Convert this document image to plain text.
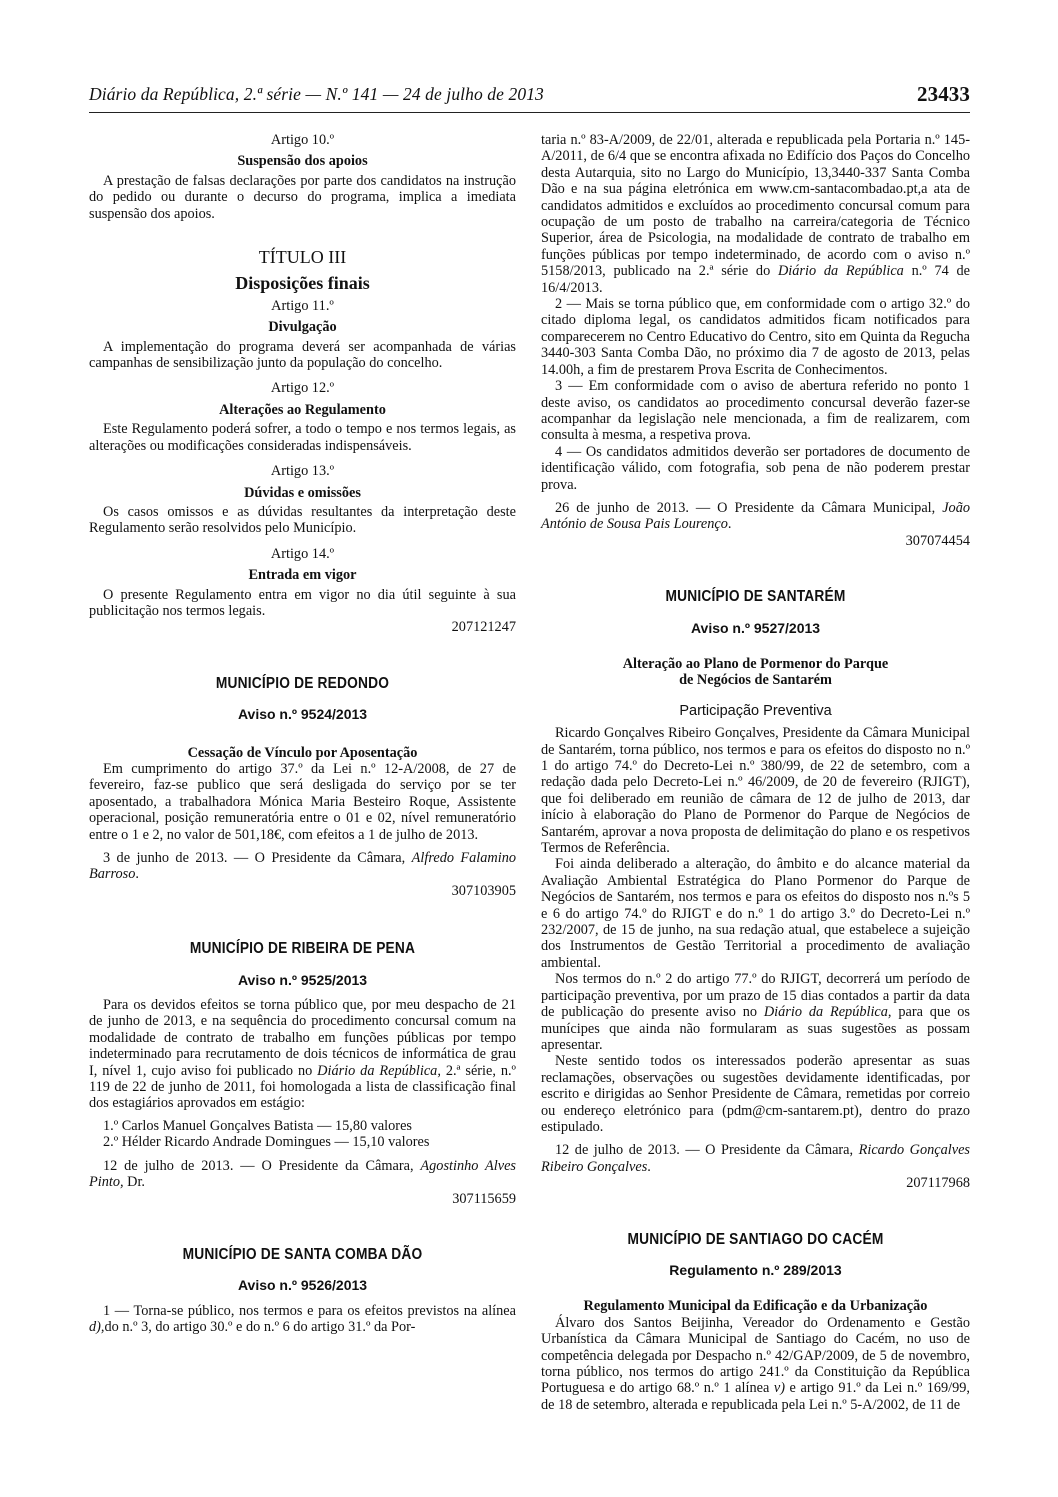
Diário da República, 2.ª série — N.º 141 — 24 de julho de 2013	23433
Artigo 10.º
Suspensão dos apoios

A prestação de falsas declarações por parte dos candidatos na instrução do pedido ou durante o decurso do programa, implica a imediata suspensão dos apoios.

TÍTULO III
Disposições finais
Artigo 11.º
Divulgação

A implementação do programa deverá ser acompanhada de várias campanhas de sensibilização junto da população do concelho.

Artigo 12.º
Alterações ao Regulamento

Este Regulamento poderá sofrer, a todo o tempo e nos termos legais, as alterações ou modificações consideradas indispensáveis.

Artigo 13.º
Dúvidas e omissões

Os casos omissos e as dúvidas resultantes da interpretação deste Regulamento serão resolvidos pelo Município.

Artigo 14.º
Entrada em vigor

O presente Regulamento entra em vigor no dia útil seguinte à sua publicitação nos termos legais.

207121247
MUNICÍPIO DE REDONDO
Aviso n.º 9524/2013
Cessação de Vínculo por Aposentação

Em cumprimento do artigo 37.º da Lei n.º 12-A/2008, de 27 de fevereiro, faz-se publico que será desligada do serviço por se ter aposentado, a trabalhadora Mónica Maria Besteiro Roque, Assistente operacional, posição remuneratória entre o 01 e 02, nível remuneratório entre o 1 e 2, no valor de 501,18€, com efeitos a 1 de julho de 2013.

3 de junho de 2013. — O Presidente da Câmara, Alfredo Falamino Barroso.

307103905
MUNICÍPIO DE RIBEIRA DE PENA
Aviso n.º 9525/2013

Para os devidos efeitos se torna público que, por meu despacho de 21 de junho de 2013, e na sequência do procedimento concursal comum na modalidade de contrato de trabalho em funções públicas por tempo indeterminado para recrutamento de dois técnicos de informática de grau I, nível 1, cujo aviso foi publicado no Diário da República, 2.ª série, n.º 119 de 22 de junho de 2011, foi homologada a lista de classificação final dos estagiários aprovados em estágio:

1.º Carlos Manuel Gonçalves Batista — 15,80 valores

2.º Hélder Ricardo Andrade Domingues — 15,10 valores

12 de julho de 2013. — O Presidente da Câmara, Agostinho Alves Pinto, Dr.

307115659
MUNICÍPIO DE SANTA COMBA DÃO
Aviso n.º 9526/2013

1 — Torna-se público, nos termos e para os efeitos previstos na alínea d),do n.º 3, do artigo 30.º e do n.º 6 do artigo 31.º da Por-

taria n.º 83-A/2009, de 22/01, alterada e republicada pela Portaria n.º 145-A/2011, de 6/4 que se encontra afixada no Edifício dos Paços do Concelho desta Autarquia, sito no Largo do Município, 13,3440-337 Santa Comba Dão e na sua página eletrónica em www.cm-santacombadao.pt,a ata de candidatos admitidos e excluídos ao procedimento concursal comum para ocupação de um posto de trabalho na carreira/categoria de Técnico Superior, área de Psicologia, na modalidade de contrato de trabalho em funções públicas por tempo indeterminado, de acordo com o aviso n.º 5158/2013, publicado na 2.ª série do Diário da República n.º 74 de 16/4/2013.

2 — Mais se torna público que, em conformidade com o artigo 32.º do citado diploma legal, os candidatos admitidos ficam notificados para comparecerem no Centro Educativo do Centro, sito em Quinta da Regucha 3440-303 Santa Comba Dão, no próximo dia 7 de agosto de 2013, pelas 14.00h, a fim de prestarem Prova Escrita de Conhecimentos.

3 — Em conformidade com o aviso de abertura referido no ponto 1 deste aviso, os candidatos ao procedimento concursal deverão fazer-se acompanhar da legislação nele mencionada, a fim de realizarem, com consulta à mesma, a respetiva prova.

4 — Os candidatos admitidos deverão ser portadores de documento de identificação válido, com fotografia, sob pena de não poderem prestar prova.

26 de junho de 2013. — O Presidente da Câmara Municipal, João António de Sousa Pais Lourenço.

307074454
MUNICÍPIO DE SANTARÉM
Aviso n.º 9527/2013
Alteração ao Plano de Pormenor do Parque
de Negócios de Santarém
Participação Preventiva

Ricardo Gonçalves Ribeiro Gonçalves, Presidente da Câmara Municipal de Santarém, torna público, nos termos e para os efeitos do disposto no n.º 1 do artigo 74.º do Decreto-Lei n.º 380/99, de 22 de setembro, com a redação dada pelo Decreto-Lei n.º 46/2009, de 20 de fevereiro (RJIGT), que foi deliberado em reunião de câmara de 12 de julho de 2013, dar início à elaboração do Plano de Pormenor do Parque de Negócios de Santarém, aprovar a nova proposta de delimitação do plano e os respetivos Termos de Referência.

Foi ainda deliberado a alteração, do âmbito e do alcance material da Avaliação Ambiental Estratégica do Plano Pormenor do Parque de Negócios de Santarém, nos termos e para os efeitos do disposto nos n.ºs 5 e 6 do artigo 74.º do RJIGT e do n.º 1 do artigo 3.º do Decreto-Lei n.º 232/2007, de 15 de junho, na sua redação atual, que estabelece a sujeição dos Instrumentos de Gestão Territorial a procedimento de avaliação ambiental.

Nos termos do n.º 2 do artigo 77.º do RJIGT, decorrerá um período de participação preventiva, por um prazo de 15 dias contados a partir da data de publicação do presente aviso no Diário da República, para que os munícipes que ainda não formularam as suas sugestões as possam apresentar.

Neste sentido todos os interessados poderão apresentar as suas reclamações, observações ou sugestões devidamente identificadas, por escrito e dirigidas ao Senhor Presidente de Câmara, remetidas por correio ou endereço eletrónico para (pdm@cm-santarem.pt), dentro do prazo estipulado.

12 de julho de 2013. — O Presidente da Câmara, Ricardo Gonçalves Ribeiro Gonçalves.

207117968
MUNICÍPIO DE SANTIAGO DO CACÉM
Regulamento n.º 289/2013
Regulamento Municipal da Edificação e da Urbanização

Álvaro dos Santos Beijinha, Vereador do Ordenamento e Gestão Urbanística da Câmara Municipal de Santiago do Cacém, no uso de competência delegada por Despacho n.º 42/GAP/2009, de 5 de novembro, torna público, nos termos do artigo 241.º da Constituição da República Portuguesa e do artigo 68.º n.º 1 alínea v) e artigo 91.º da Lei n.º 169/99, de 18 de setembro, alterada e republicada pela Lei n.º 5-A/2002, de 11 de
